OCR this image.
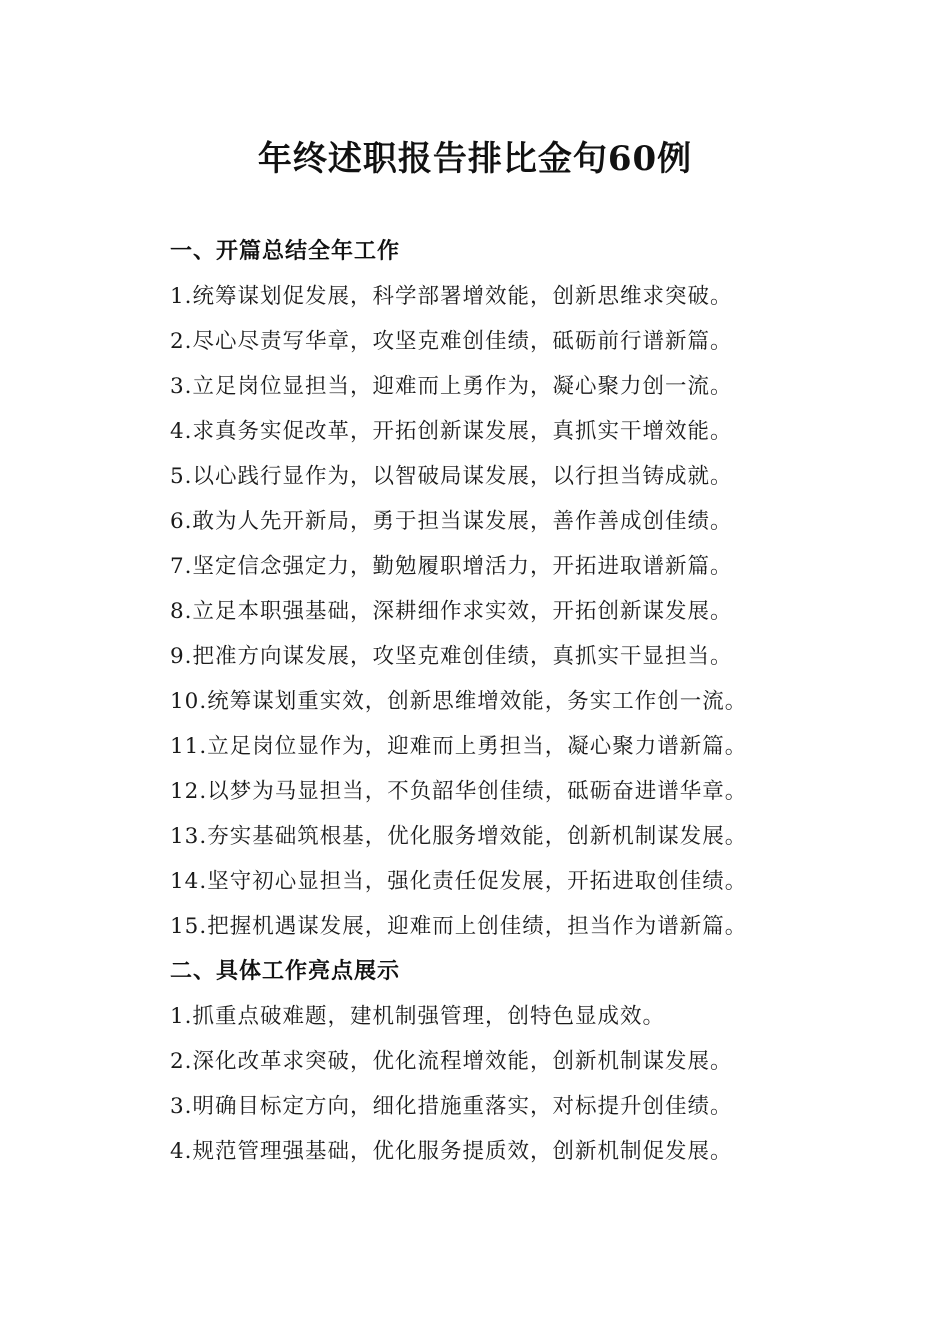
年终述职报告排比金句60例
一、开篇总结全年工作
1.统筹谋划促发展，科学部署增效能，创新思维求突破。
2.尽心尽责写华章，攻坚克难创佳绩，砥砺前行谱新篇。
3.立足岗位显担当，迎难而上勇作为，凝心聚力创一流。
4.求真务实促改革，开拓创新谋发展，真抓实干增效能。
5.以心践行显作为，以智破局谋发展，以行担当铸成就。
6.敢为人先开新局，勇于担当谋发展，善作善成创佳绩。
7.坚定信念强定力，勤勉履职增活力，开拓进取谱新篇。
8.立足本职强基础，深耕细作求实效，开拓创新谋发展。
9.把准方向谋发展，攻坚克难创佳绩，真抓实干显担当。
10.统筹谋划重实效，创新思维增效能，务实工作创一流。
11.立足岗位显作为，迎难而上勇担当，凝心聚力谱新篇。
12.以梦为马显担当，不负韶华创佳绩，砥砺奋进谱华章。
13.夯实基础筑根基，优化服务增效能，创新机制谋发展。
14.坚守初心显担当，强化责任促发展，开拓进取创佳绩。
15.把握机遇谋发展，迎难而上创佳绩，担当作为谱新篇。
二、具体工作亮点展示
1.抓重点破难题，建机制强管理，创特色显成效。
2.深化改革求突破，优化流程增效能，创新机制谋发展。
3.明确目标定方向，细化措施重落实，对标提升创佳绩。
4.规范管理强基础，优化服务提质效，创新机制促发展。
